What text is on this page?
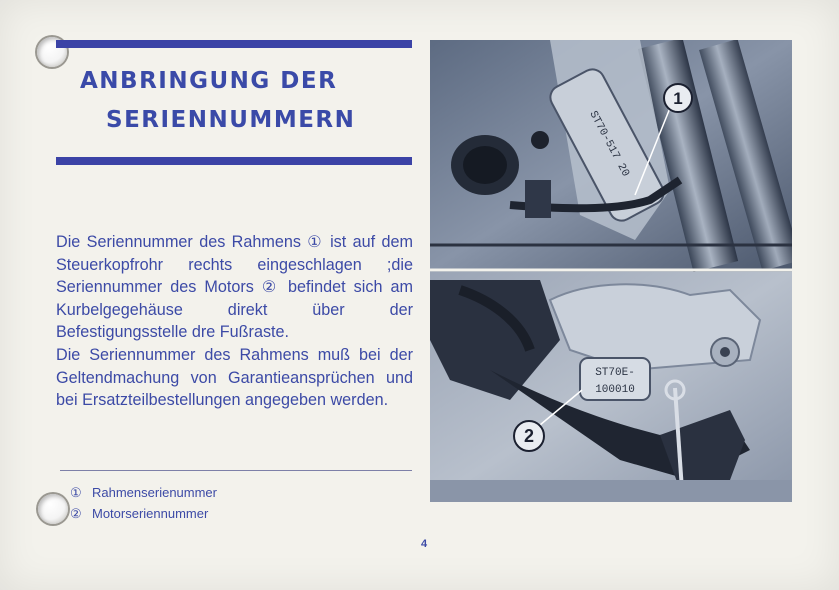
ANBRINGUNG DER
SERIENNUMMERN

Die Seriennummer des Rahmens ① ist auf dem Steuerkopfrohr rechts eingeschlagen ;die Seriennummer des Motors ② befindet sich am Kurbelgegehäuse direkt über der Befestigungsstelle dre Fußraste.
Die Seriennummer des Rahmens muß bei der Geltendmachung von Garantieansprüchen und bei Ersatzteilbestellungen angegeben werden.

① Rahmenserienummer
② Motorseriennummer
4
ST70-517 20
ST70E-
100010
1
2
